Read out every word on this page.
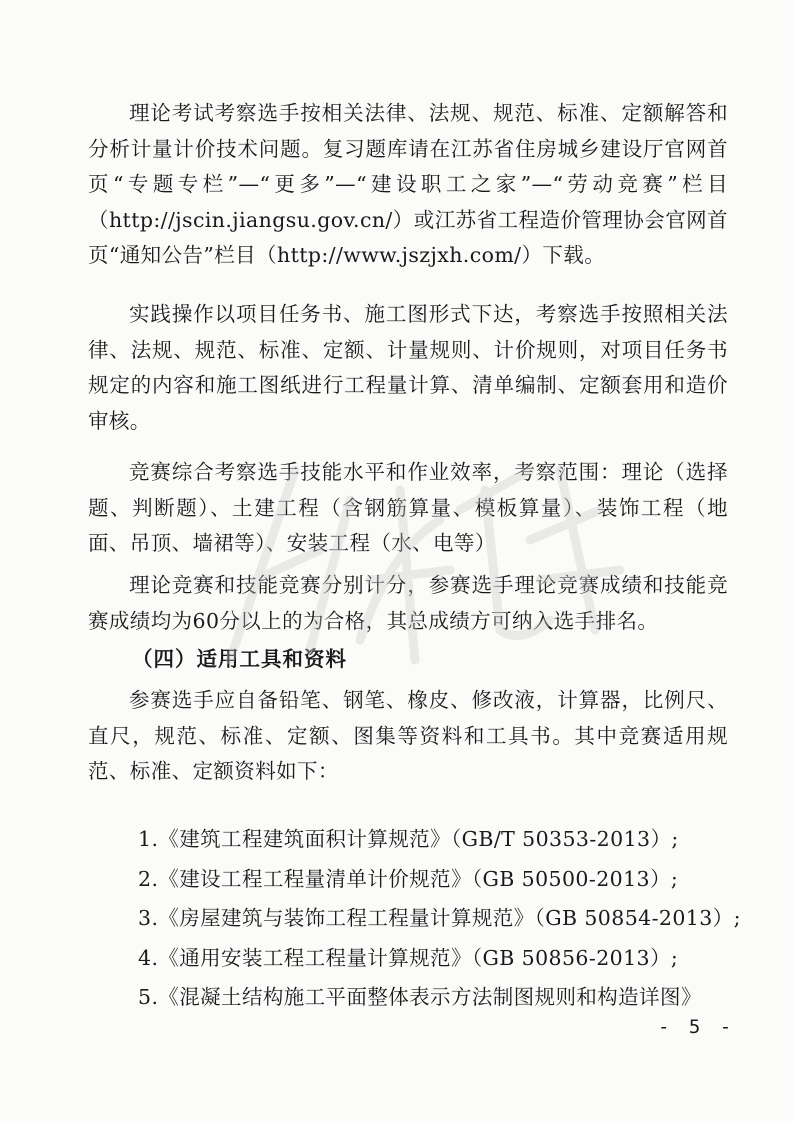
理论考试考察选手按相关法律、法规、规范、标准、定额解答和分析计量计价技术问题。复习题库请在江苏省住房城乡建设厅官网首页“专题专栏”—“更多”—“建设职工之家”—“劳动竞赛”栏目（http://jscin.jiangsu.gov.cn/）或江苏省工程造价管理协会官网首页“通知公告”栏目（http://www.jszjxh.com/）下载。

实践操作以项目任务书、施工图形式下达，考察选手按照相关法律、法规、规范、标准、定额、计量规则、计价规则，对项目任务书规定的内容和施工图纸进行工程量计算、清单编制、定额套用和造价审核。

竞赛综合考察选手技能水平和作业效率，考察范围：理论（选择题、判断题）、土建工程（含钢筋算量、模板算量）、装饰工程（地面、吊顶、墙裙等）、安装工程（水、电等）

理论竞赛和技能竞赛分别计分，参赛选手理论竞赛成绩和技能竞赛成绩均为60分以上的为合格，其总成绩方可纳入选手排名。

（四）适用工具和资料

参赛选手应自备铅笔、钢笔、橡皮、修改液，计算器，比例尺、直尺，规范、标准、定额、图集等资料和工具书。其中竞赛适用规范、标准、定额资料如下：

1.《建筑工程建筑面积计算规范》（GB/T 50353-2013）;
2.《建设工程工程量清单计价规范》（GB 50500-2013）;
3.《房屋建筑与装饰工程工程量计算规范》（GB 50854-2013）;
4.《通用安装工程工程量计算规范》（GB 50856-2013）;
5.《混凝土结构施工平面整体表示方法制图规则和构造详图》
- 5 -
